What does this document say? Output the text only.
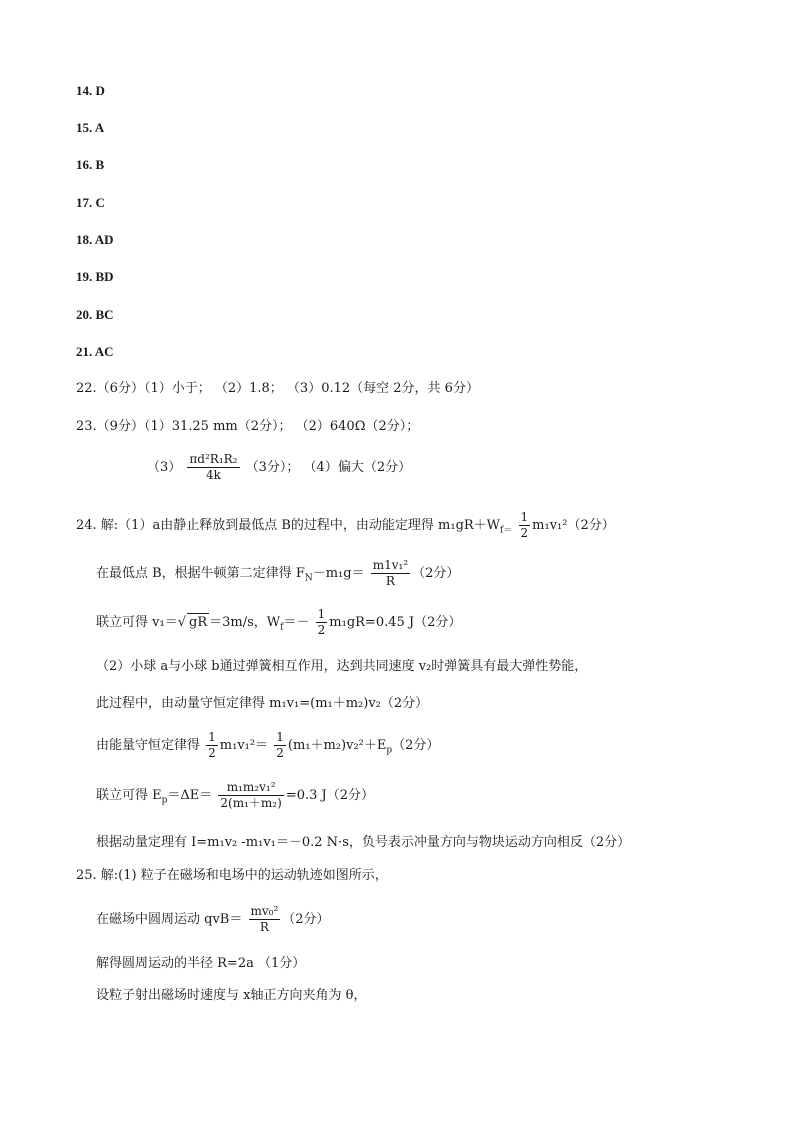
14. D
15. A
16. B
17. C
18. AD
19. BD
20. BC
21. AC
22.（6分）（1）小于； （2）1.8； （3）0.12（每空 2分，共 6分）
23.（9分）（1）31.25 mm（2分）； （2）640Ω（2分）；
$(3) \frac{\text{πd²R₁R₂}}{4k} (3$分）； （4）偏大（2分）
24. 解:（1）a由静止释放到最低点 B的过程中，由动能定理得 $m_1gR+W_{f=} \frac{1}{2} m_1v_1^2(2$分）
在最低点 B，根据牛顿第二定律得 $F_N-m_1g= \frac{\text{m1v₁²}}{R} (2$分）
联立可得 v₁＝√ gR ＝3m/s，$W_f=- \frac{1}{2} m_1gR=0.45$ J（2分）
（2）小球 a与小球 b通过弹簧相互作用，达到共同速度 v₂时弹簧具有最大弹性势能，
此过程中，由动量守恒定律得 m₁v₁=(m₁＋m₂)v₂（2分）
由能量守恒定律得 $\frac{1}{2} m_1v_1^2= \frac{1}{2} (m_1+m_2)v_2^2+E_p(2$分）
联立可得 $E_p=\Delta E= \frac{\text{m₁m₂v₁²}}{\text{2(m₁＋m₂)}} =0.3$ J（2分）
根据动量定理有 I=m₁v₂ -m₁v₁＝－0.2 N·s，负号表示冲量方向与物块运动方向相反（2分）
25. 解:(1) 粒子在磁场和电场中的运动轨迹如图所示，
在磁场中圆周运动 $qvB= \frac{\text{mv₀²}}{R} (2$分）
解得圆周运动的半径 R=2a （1分）
设粒子射出磁场时速度与 x轴正方向夹角为 θ，
